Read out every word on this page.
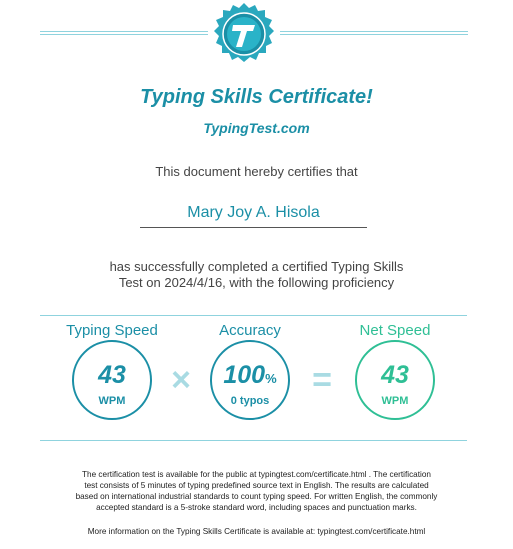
Typing Skills Certificate!
TypingTest.com
This document hereby certifies that
Mary Joy A. Hisola
has successfully completed a certified Typing Skills
Test on 2024/4/16, with the following proficiency
Typing Speed
43
WPM
×
Accuracy
100%
0 typos
=
Net Speed
43
WPM
The certification test is available for the public at typingtest.com/certificate.html . The certification
test consists of 5 minutes of typing predefined source text in English. The results are calculated
based on international industrial standards to count typing speed. For written English, the commonly
accepted standard is a 5-stroke standard word, including spaces and punctuation marks.
More information on the Typing Skills Certificate is available at: typingtest.com/certificate.html
